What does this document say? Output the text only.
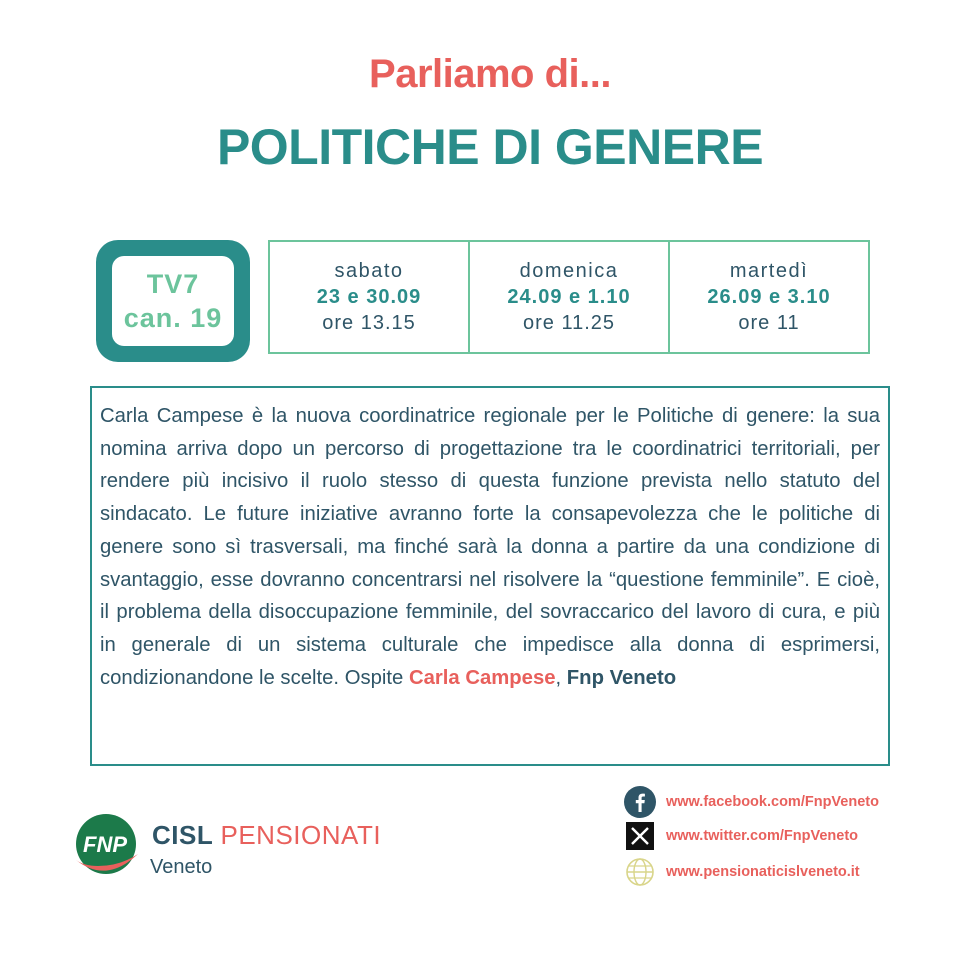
Parliamo di...
POLITICHE DI GENERE
TV7
can. 19
sabato
23 e 30.09
ore 13.15
domenica
24.09 e 1.10
ore 11.25
martedì
26.09 e 3.10
ore 11

Carla Campese è la nuova coordinatrice regionale per le Politiche di genere: la sua nomina arriva dopo un percorso di progettazione tra le coordinatrici territoriali, per rendere più incisivo il ruolo stesso di questa funzione prevista nello statuto del sindacato. Le future iniziative avranno forte la consapevolezza che le politiche di genere sono sì trasversali, ma finché sarà la donna a partire da una condizione di svantaggio, esse dovranno concentrarsi nel risolvere la “questione femminile”. E cioè, il problema della disoccupazione femminile, del sovraccarico del lavoro di cura, e più in generale di un sistema culturale che impedisce alla donna di esprimersi, condizionandone le scelte. Ospite Carla Campese, Fnp Veneto

FNP CISL PENSIONATI
Veneto
www.facebook.com/FnpVeneto
www.twitter.com/FnpVeneto
www.pensionaticislveneto.it
